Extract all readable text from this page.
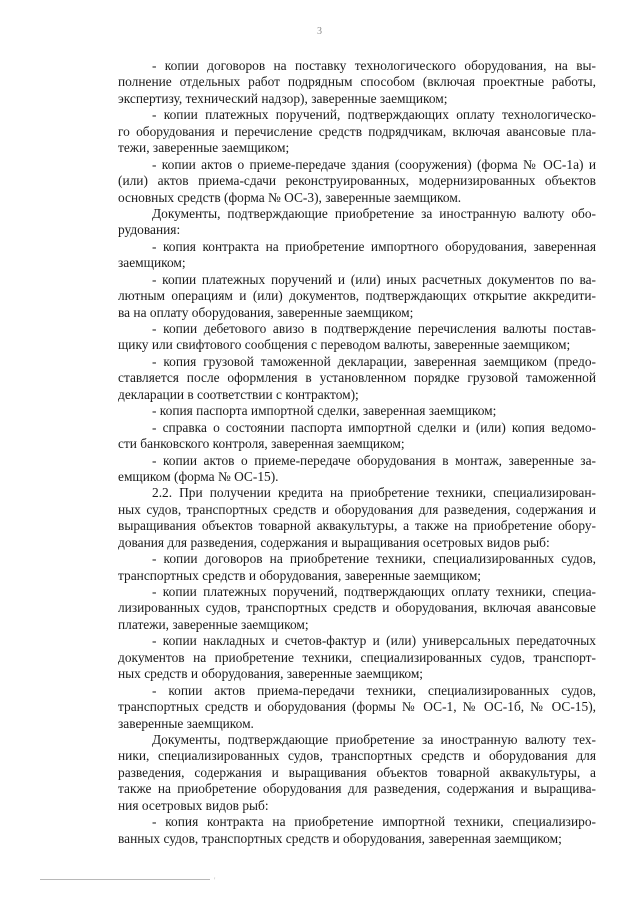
3
- копии договоров на поставку технологического оборудования, на вы-
полнение отдельных работ подрядным способом (включая проектные работы,
экспертизу, технический надзор), заверенные заемщиком;
- копии платежных поручений, подтверждающих оплату технологическо-
го оборудования и перечисление средств подрядчикам, включая авансовые пла-
тежи, заверенные заемщиком;
- копии актов о приеме-передаче здания (сооружения) (форма № ОС-1а) и
(или) актов приема-сдачи реконструированных, модернизированных объектов
основных средств (форма № ОС-3), заверенные заемщиком.
Документы, подтверждающие приобретение за иностранную валюту обо-
рудования:
- копия контракта на приобретение импортного оборудования, заверенная
заемщиком;
- копии платежных поручений и (или) иных расчетных документов по ва-
лютным операциям и (или) документов, подтверждающих открытие аккредити-
ва на оплату оборудования, заверенные заемщиком;
- копии дебетового авизо в подтверждение перечисления валюты постав-
щику или свифтового сообщения с переводом валюты, заверенные заемщиком;
- копия грузовой таможенной декларации, заверенная заемщиком (предо-
ставляется после оформления в установленном порядке грузовой таможенной
декларации в соответствии с контрактом);
- копия паспорта импортной сделки, заверенная заемщиком;
- справка о состоянии паспорта импортной сделки и (или) копия ведомо-
сти банковского контроля, заверенная заемщиком;
- копии актов о приеме-передаче оборудования в монтаж, заверенные за-
емщиком (форма № ОС-15).
2.2. При получении кредита на приобретение техники, специализирован-
ных судов, транспортных средств и оборудования для разведения, содержания и
выращивания объектов товарной аквакультуры, а также на приобретение обору-
дования для разведения, содержания и выращивания осетровых видов рыб:
- копии договоров на приобретение техники, специализированных судов,
транспортных средств и оборудования, заверенные заемщиком;
- копии платежных поручений, подтверждающих оплату техники, специа-
лизированных судов, транспортных средств и оборудования, включая авансовые
платежи, заверенные заемщиком;
- копии накладных и счетов-фактур и (или) универсальных передаточных
документов на приобретение техники, специализированных судов, транспорт-
ных средств и оборудования, заверенные заемщиком;
- копии актов приема-передачи техники, специализированных судов,
транспортных средств и оборудования (формы № ОС-1, № ОС-1б, № ОС-15),
заверенные заемщиком.
Документы, подтверждающие приобретение за иностранную валюту тех-
ники, специализированных судов, транспортных средств и оборудования для
разведения, содержания и выращивания объектов товарной аквакультуры, а
также на приобретение оборудования для разведения, содержания и выращива-
ния осетровых видов рыб:
- копия контракта на приобретение импортной техники, специализиро-
ванных судов, транспортных средств и оборудования, заверенная заемщиком;
'
